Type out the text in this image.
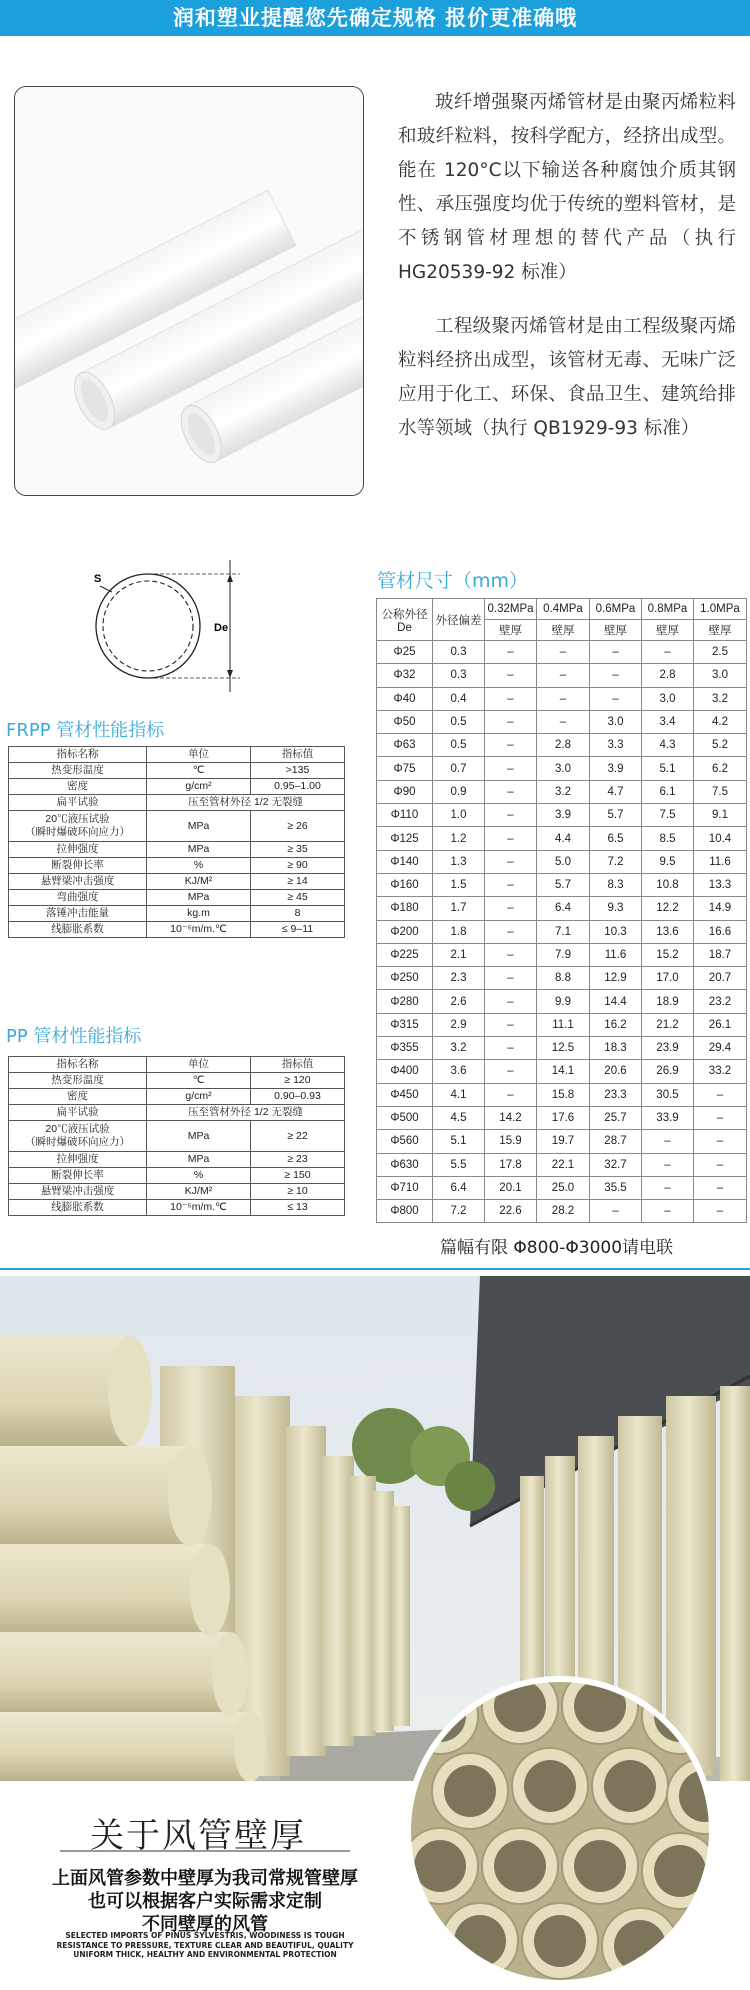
润和塑业提醒您先确定规格 报价更准确哦
玻纤增强聚丙烯管材是由聚丙烯粒料和玻纤粒料，按科学配方，经挤出成型。能在 120°C以下输送各种腐蚀介质其钢性、承压强度均优于传统的塑料管材，是不锈钢管材理想的替代产品（执行 HG20539-92 标准）
工程级聚丙烯管材是由工程级聚丙烯粒料经挤出成型，该管材无毒、无味广泛应用于化工、环保、食品卫生、建筑给排水等领域（执行 QB1929-93 标准）
S
De
FRPP 管材性能指标
指标名称	单位	指标值
热变形温度	℃	>135
密度	g/cm²	0.95–1.00
扁平试验	压至管材外径 1/2 无裂缝	
20℃液压试验
（瞬时爆破环向应力）	MPa	≥ 26
拉伸强度	MPa	≥ 35
断裂伸长率	%	≥ 90
悬臂梁冲击强度	KJ/M²	≥ 14
弯曲强度	MPa	≥ 45
落锤冲击能量	kg.m	8
线膨胀系数	10⁻⁵m/m.℃	≤ 9–11
PP 管材性能指标
指标名称	单位	指标值
热变形温度	℃	≥ 120
密度	g/cm²	0.90–0.93
扁平试验	压至管材外径 1/2 无裂缝	
20℃液压试验
（瞬时爆破环向应力）	MPa	≥ 22
拉伸强度	MPa	≥ 23
断裂伸长率	%	≥ 150
悬臂梁冲击强度	KJ/M²	≥ 10
线膨胀系数	10⁻⁵m/m.℃	≤ 13
管材尺寸（mm）
公称外径
De	外径偏差	0.32MPa	0.4MPa	0.6MPa	0.8MPa	1.0MPa
		壁厚	壁厚	壁厚	壁厚	壁厚
Φ25	0.3	–	–	–	–	2.5
Φ32	0.3	–	–	–	2.8	3.0
Φ40	0.4	–	–	–	3.0	3.2
Φ50	0.5	–	–	3.0	3.4	4.2
Φ63	0.5	–	2.8	3.3	4.3	5.2
Φ75	0.7	–	3.0	3.9	5.1	6.2
Φ90	0.9	–	3.2	4.7	6.1	7.5
Φ110	1.0	–	3.9	5.7	7.5	9.1
Φ125	1.2	–	4.4	6.5	8.5	10.4
Φ140	1.3	–	5.0	7.2	9.5	11.6
Φ160	1.5	–	5.7	8.3	10.8	13.3
Φ180	1.7	–	6.4	9.3	12.2	14.9
Φ200	1.8	–	7.1	10.3	13.6	16.6
Φ225	2.1	–	7.9	11.6	15.2	18.7
Φ250	2.3	–	8.8	12.9	17.0	20.7
Φ280	2.6	–	9.9	14.4	18.9	23.2
Φ315	2.9	–	11.1	16.2	21.2	26.1
Φ355	3.2	–	12.5	18.3	23.9	29.4
Φ400	3.6	–	14.1	20.6	26.9	33.2
Φ450	4.1	–	15.8	23.3	30.5	–
Φ500	4.5	14.2	17.6	25.7	33.9	–
Φ560	5.1	15.9	19.7	28.7	–	–
Φ630	5.5	17.8	22.1	32.7	–	–
Φ710	6.4	20.1	25.0	35.5	–	–
Φ800	7.2	22.6	28.2	–	–	–
篇幅有限 Φ800-Φ3000请电联
关于风管壁厚
上面风管参数中壁厚为我司常规管壁厚
也可以根据客户实际需求定制
不同壁厚的风管
SELECTED IMPORTS OF PINUS SYLVESTRIS, WOODINESS IS TOUGH
RESISTANCE TO PRESSURE, TEXTURE CLEAR AND BEAUTIFUL, QUALITY
UNIFORM THICK, HEALTHY AND ENVIRONMENTAL PROTECTION
